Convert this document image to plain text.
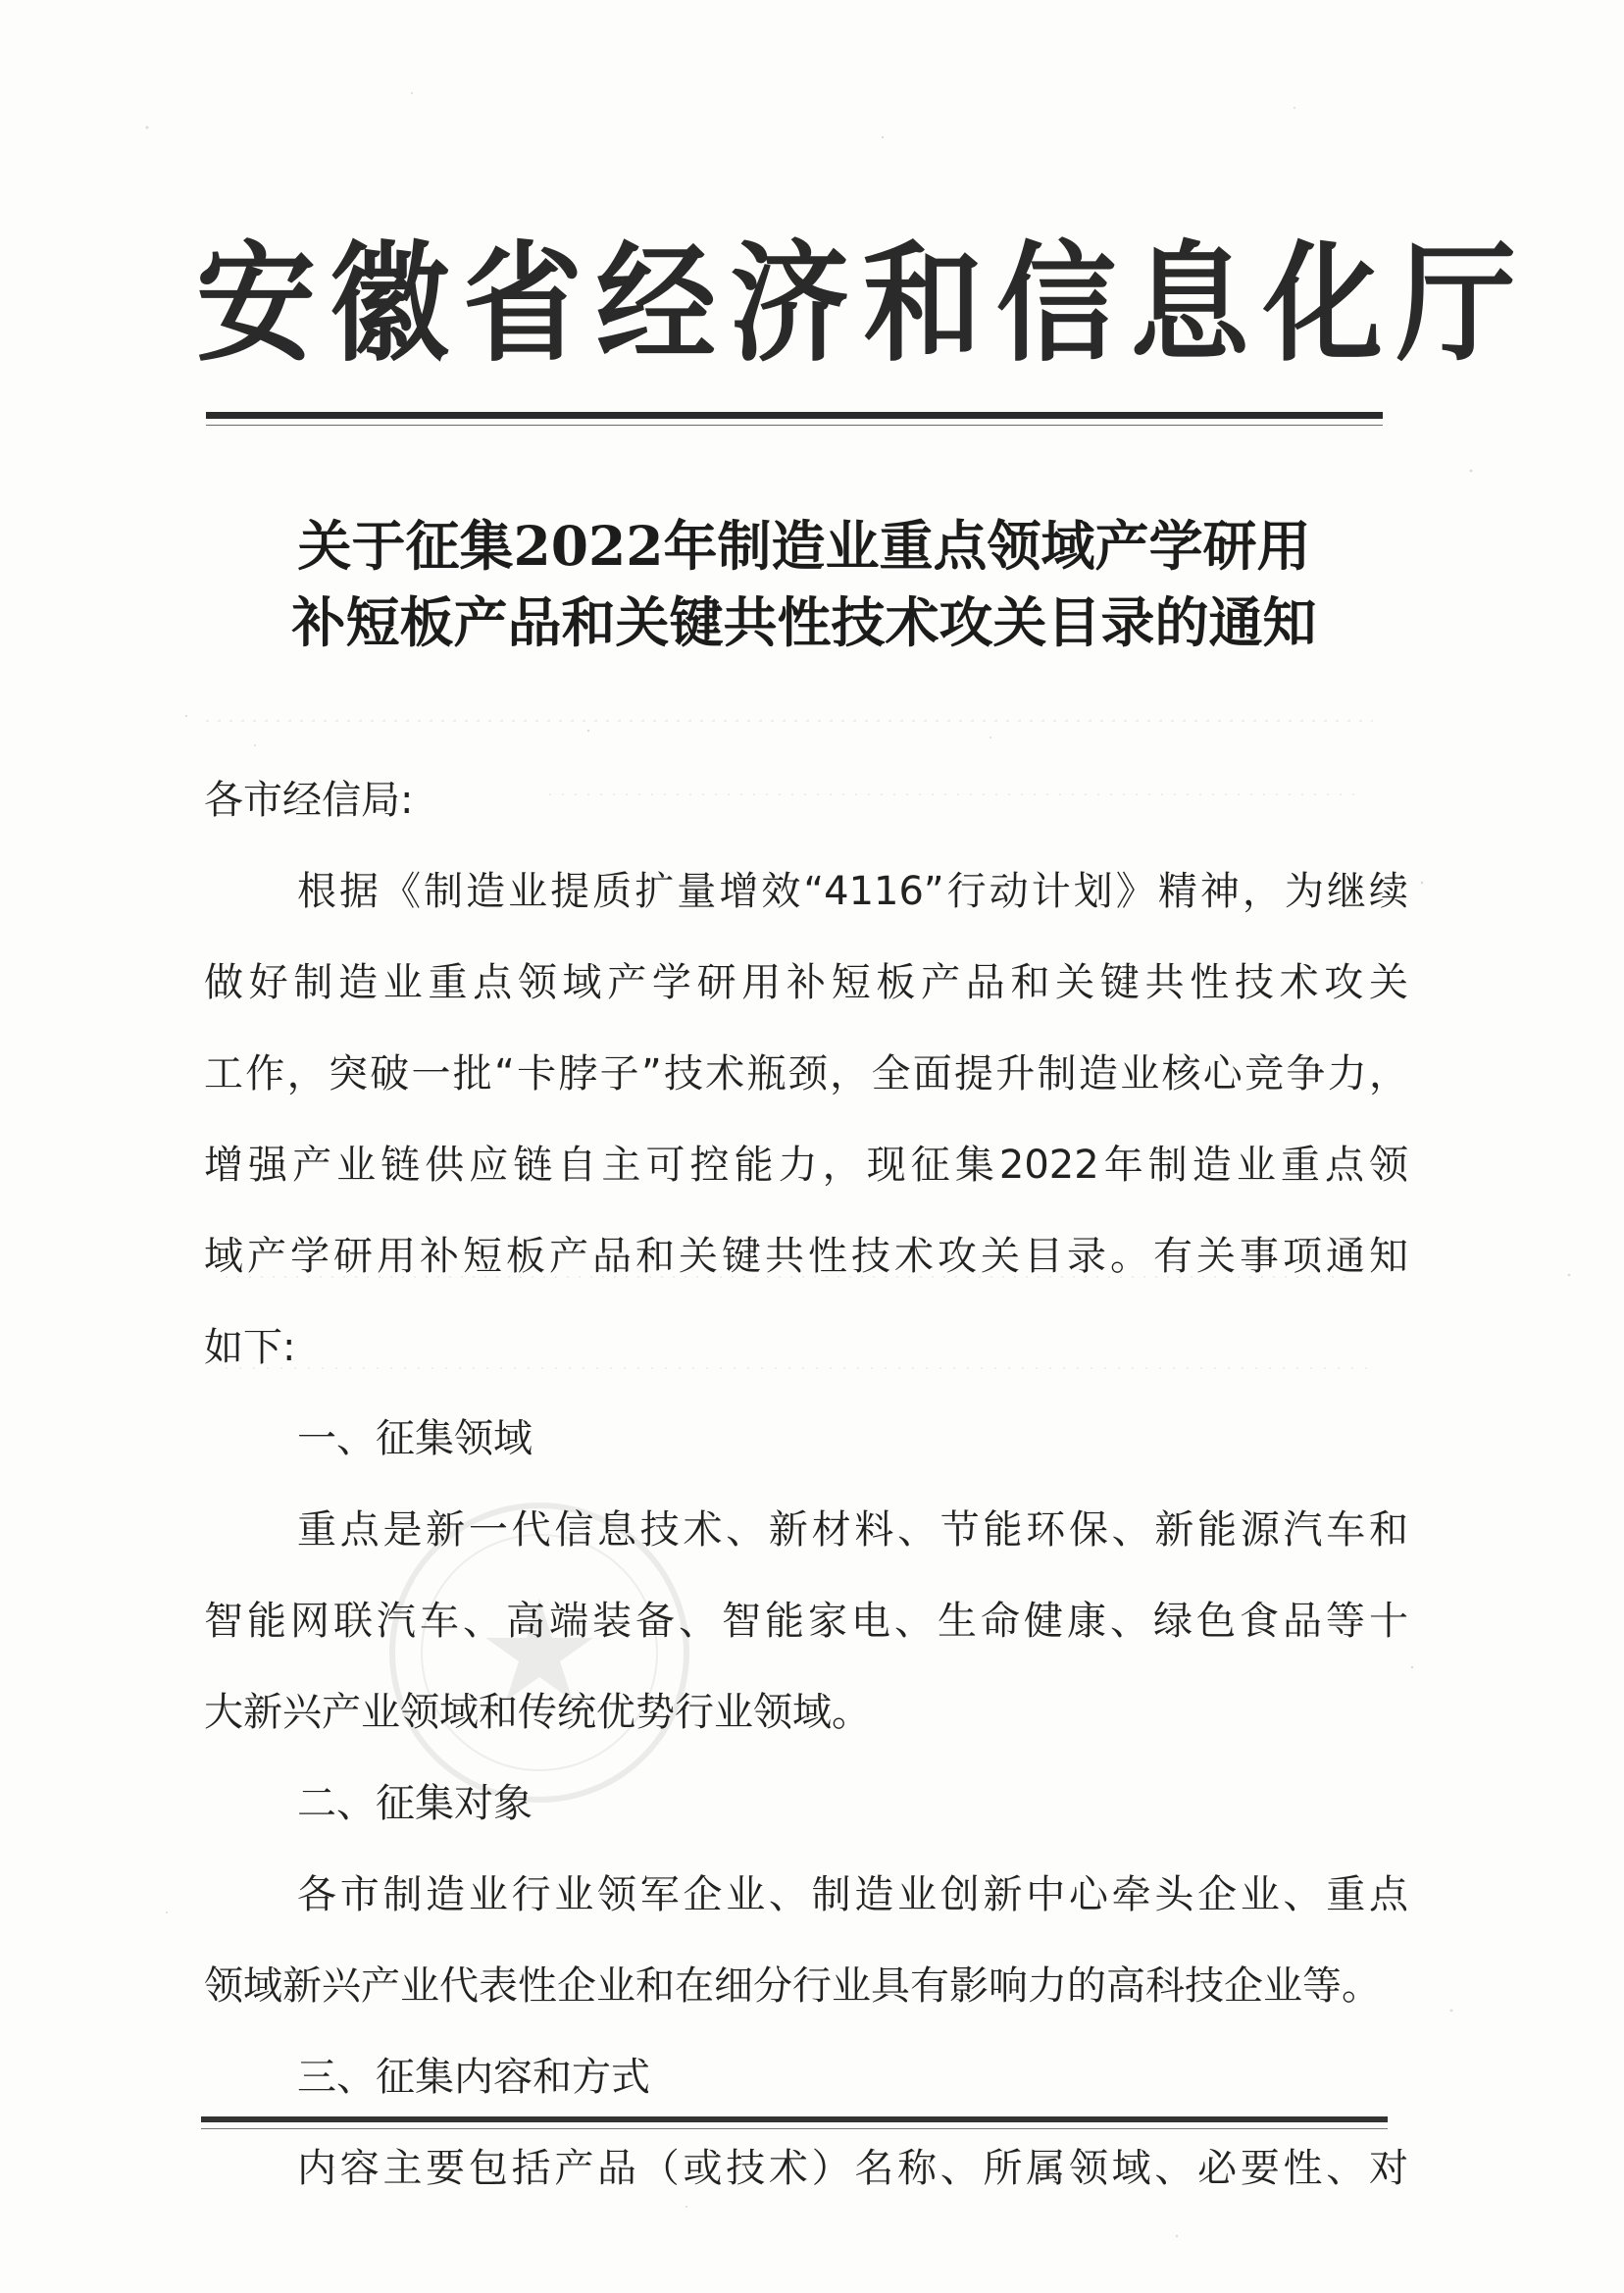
安徽省经济和信息化厅
关于征集2022年制造业重点领域产学研用
补短板产品和关键共性技术攻关目录的通知
各市经信局:
根据《制造业提质扩量增效“4116”行动计划》精神，为继续
做好制造业重点领域产学研用补短板产品和关键共性技术攻关
工作，突破一批“卡脖子”技术瓶颈，全面提升制造业核心竞争力，
增强产业链供应链自主可控能力，现征集2022年制造业重点领
域产学研用补短板产品和关键共性技术攻关目录。有关事项通知
如下:
一、征集领域
重点是新一代信息技术、新材料、节能环保、新能源汽车和
智能网联汽车、高端装备、智能家电、生命健康、绿色食品等十
大新兴产业领域和传统优势行业领域。
二、征集对象
各市制造业行业领军企业、制造业创新中心牵头企业、重点
领域新兴产业代表性企业和在细分行业具有影响力的高科技企业等。
三、征集内容和方式
内容主要包括产品（或技术）名称、所属领域、必要性、对
